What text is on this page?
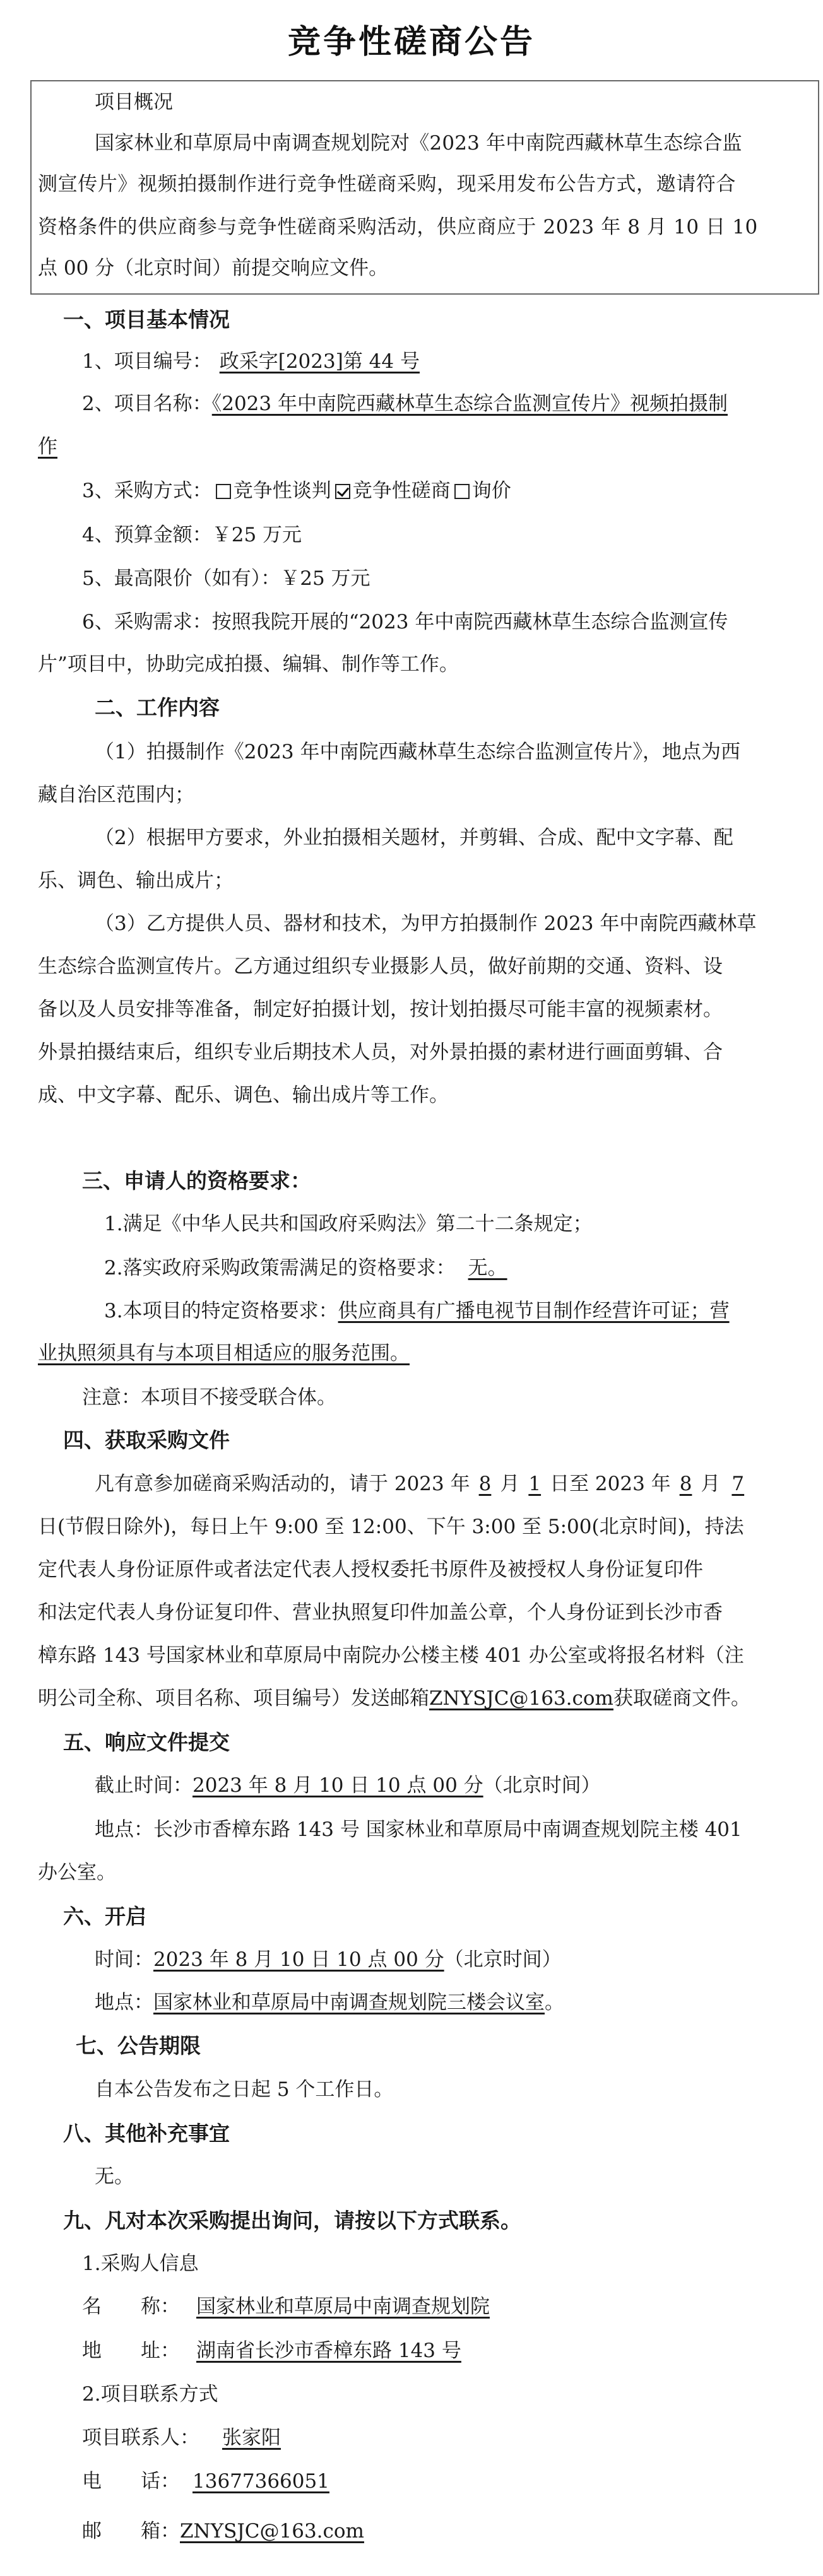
竞争性磋商公告
项目概况
国家林业和草原局中南调查规划院对《2023 年中南院西藏林草生态综合监
测宣传片》视频拍摄制作进行竞争性磋商采购，现采用发布公告方式，邀请符合
资格条件的供应商参与竞争性磋商采购活动，供应商应于 2023 年 8 月 10 日 10
点 00 分（北京时间）前提交响应文件。
一、项目基本情况
1、项目编号： 政采字[2023]第 44 号
2、项目名称：《2023 年中南院西藏林草生态综合监测宣传片》视频拍摄制
作
3、采购方式： 竞争性谈判 竞争性磋商 询价
4、预算金额：￥25 万元
5、最高限价（如有）：￥25 万元
6、采购需求：按照我院开展的“2023 年中南院西藏林草生态综合监测宣传
片”项目中，协助完成拍摄、编辑、制作等工作。
二、工作内容
（1）拍摄制作《2023 年中南院西藏林草生态综合监测宣传片》，地点为西
藏自治区范围内；
（2）根据甲方要求，外业拍摄相关题材，并剪辑、合成、配中文字幕、配
乐、调色、输出成片；
（3）乙方提供人员、器材和技术，为甲方拍摄制作 2023 年中南院西藏林草
生态综合监测宣传片。乙方通过组织专业摄影人员，做好前期的交通、资料、设
备以及人员安排等准备，制定好拍摄计划，按计划拍摄尽可能丰富的视频素材。
外景拍摄结束后，组织专业后期技术人员，对外景拍摄的素材进行画面剪辑、合
成、中文字幕、配乐、调色、输出成片等工作。
三、申请人的资格要求：
1.满足《中华人民共和国政府采购法》第二十二条规定；
2.落实政府采购政策需满足的资格要求： 无。
3.本项目的特定资格要求：供应商具有广播电视节目制作经营许可证；营
业执照须具有与本项目相适应的服务范围。
注意：本项目不接受联合体。
四、获取采购文件
凡有意参加磋商采购活动的，请于 2023 年 8 月 1 日至 2023 年 8 月 7
日(节假日除外)，每日上午 9:00 至 12:00、下午 3:00 至 5:00(北京时间)，持法
定代表人身份证原件或者法定代表人授权委托书原件及被授权人身份证复印件
和法定代表人身份证复印件、营业执照复印件加盖公章，个人身份证到长沙市香
樟东路 143 号国家林业和草原局中南院办公楼主楼 401 办公室或将报名材料（注
明公司全称、项目名称、项目编号）发送邮箱ZNYSJC@163.com获取磋商文件。
五、响应文件提交
截止时间：2023 年 8 月 10 日 10 点 00 分（北京时间）
地点：长沙市香樟东路 143 号 国家林业和草原局中南调查规划院主楼 401
办公室。
六、开启
时间：2023 年 8 月 10 日 10 点 00 分（北京时间）
地点：国家林业和草原局中南调查规划院三楼会议室。
七、公告期限
自本公告发布之日起 5 个工作日。
八、其他补充事宜
无。
九、凡对本次采购提出询问，请按以下方式联系。
1.采购人信息
名　　称： 国家林业和草原局中南调查规划院
地　　址： 湖南省长沙市香樟东路 143 号
2.项目联系方式
项目联系人： 张家阳
电　　话： 13677366051
邮　　箱：ZNYSJC@163.com
